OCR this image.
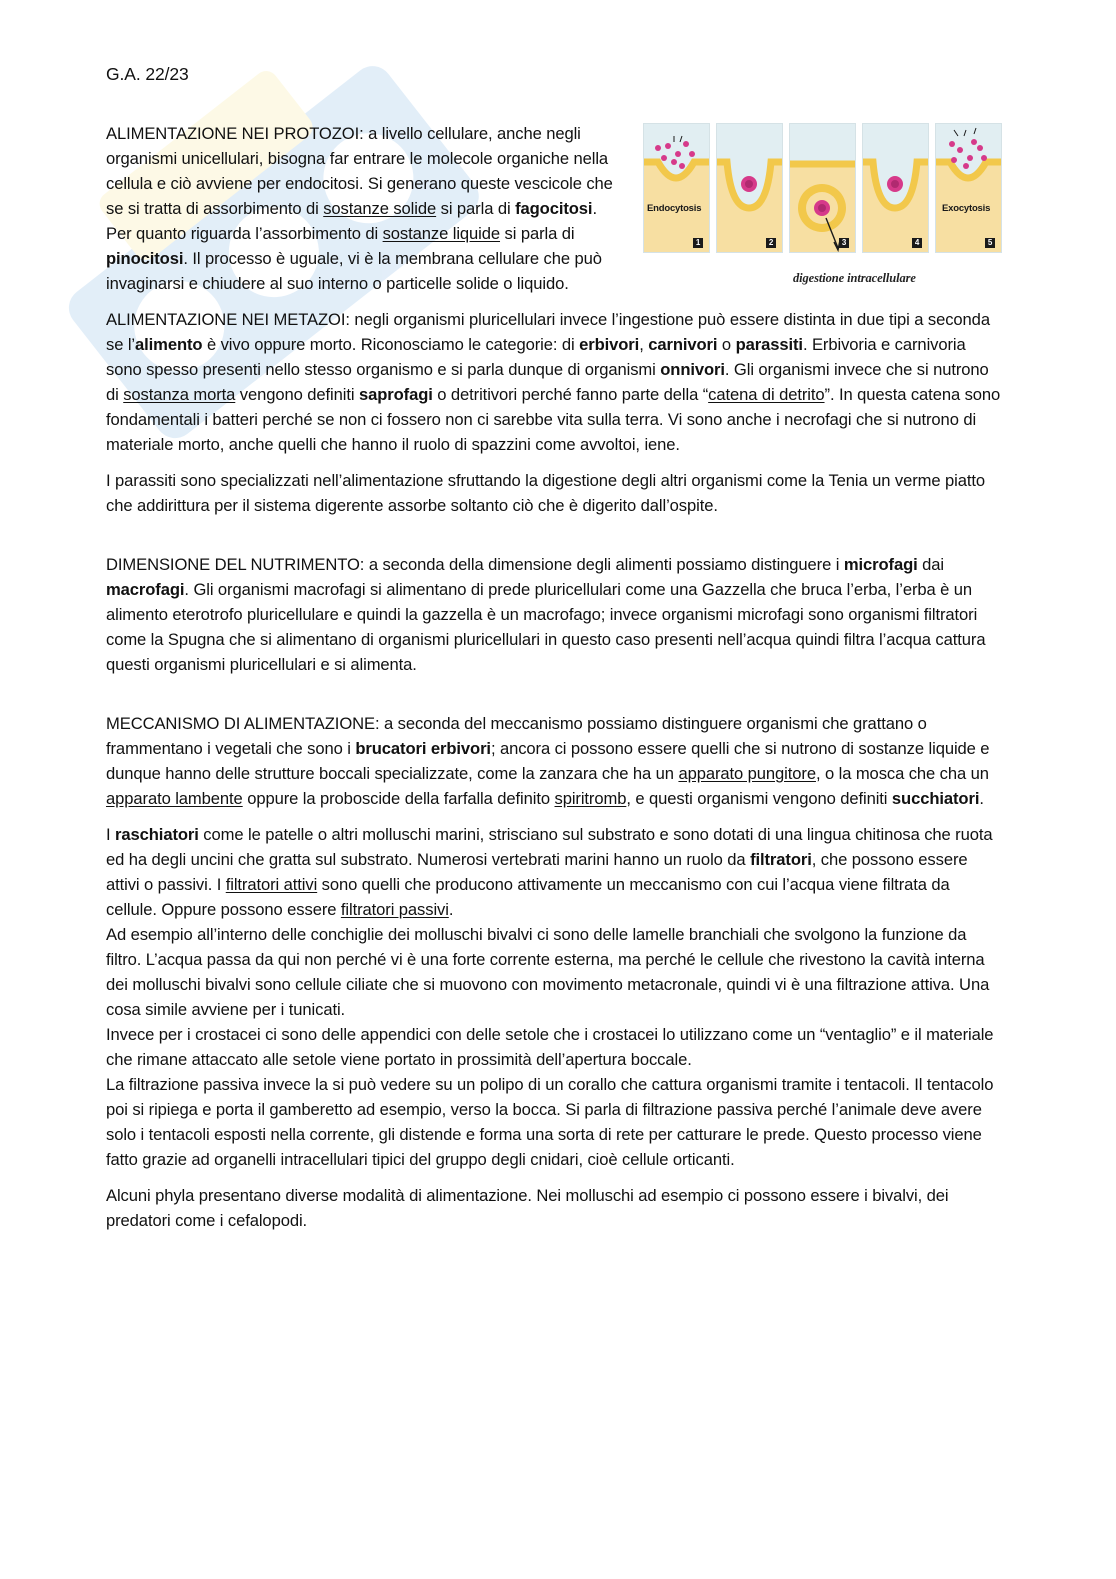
G.A. 22/23
Endocytosis
1	2	3	4
Exocytosis
5
digestione intracellulare

ALIMENTAZIONE NEI PROTOZOI: a livello cellulare, anche negli organismi unicellulari, bisogna far entrare le molecole organiche nella cellula e ciò avviene per endocitosi. Si generano queste vescicole che se si tratta di assorbimento di sostanze solide si parla di fagocitosi. Per quanto riguarda l’assorbimento di sostanze liquide si parla di pinocitosi. Il processo è uguale, vi è la membrana cellulare che può invaginarsi e chiudere al suo interno o particelle solide o liquido.

ALIMENTAZIONE NEI METAZOI: negli organismi pluricellulari invece l’ingestione può essere distinta in due tipi a seconda se l’alimento è vivo oppure morto. Riconosciamo le categorie: di erbivori, carnivori o parassiti. Erbivoria e carnivoria sono spesso presenti nello stesso organismo e si parla dunque di organismi onnivori. Gli organismi invece che si nutrono di sostanza morta vengono definiti saprofagi o detritivori perché fanno parte della “catena di detrito”. In questa catena sono fondamentali i batteri perché se non ci fossero non ci sarebbe vita sulla terra. Vi sono anche i necrofagi che si nutrono di materiale morto, anche quelli che hanno il ruolo di spazzini come avvoltoi, iene.

I parassiti sono specializzati nell’alimentazione sfruttando la digestione degli altri organismi come la Tenia un verme piatto che addirittura per il sistema digerente assorbe soltanto ciò che è digerito dall’ospite.

DIMENSIONE DEL NUTRIMENTO: a seconda della dimensione degli alimenti possiamo distinguere i microfagi dai macrofagi. Gli organismi macrofagi si alimentano di prede pluricellulari come una Gazzella che bruca l’erba, l’erba è un alimento eterotrofo pluricellulare e quindi la gazzella è un macrofago; invece organismi microfagi sono organismi filtratori come la Spugna che si alimentano di organismi pluricellulari in questo caso presenti nell’acqua quindi filtra l’acqua cattura questi organismi pluricellulari e si alimenta.

MECCANISMO DI ALIMENTAZIONE: a seconda del meccanismo possiamo distinguere organismi che grattano o frammentano i vegetali che sono i brucatori erbivori; ancora ci possono essere quelli che si nutrono di sostanze liquide e dunque hanno delle strutture boccali specializzate, come la zanzara che ha un apparato pungitore, o la mosca che cha un apparato lambente oppure la proboscide della farfalla definito spiritromb, e questi organismi vengono definiti succhiatori.

I raschiatori come le patelle o altri molluschi marini, strisciano sul substrato e sono dotati di una lingua chitinosa che ruota ed ha degli uncini che gratta sul substrato. Numerosi vertebrati marini hanno un ruolo da filtratori, che possono essere attivi o passivi. I filtratori attivi sono quelli che producono attivamente un meccanismo con cui l’acqua viene filtrata da cellule. Oppure possono essere filtratori passivi.

Ad esempio all’interno delle conchiglie dei molluschi bivalvi ci sono delle lamelle branchiali che svolgono la funzione da filtro. L’acqua passa da qui non perché vi è una forte corrente esterna, ma perché le cellule che rivestono la cavità interna dei molluschi bivalvi sono cellule ciliate che si muovono con movimento metacronale, quindi vi è una filtrazione attiva. Una cosa simile avviene per i tunicati.

Invece per i crostacei ci sono delle appendici con delle setole che i crostacei lo utilizzano come un “ventaglio” e il materiale che rimane attaccato alle setole viene portato in prossimità dell’apertura boccale.

La filtrazione passiva invece la si può vedere su un polipo di un corallo che cattura organismi tramite i tentacoli. Il tentacolo poi si ripiega e porta il gamberetto ad esempio, verso la bocca. Si parla di filtrazione passiva perché l’animale deve avere solo i tentacoli esposti nella corrente, gli distende e forma una sorta di rete per catturare le prede. Questo processo viene fatto grazie ad organelli intracellulari tipici del gruppo degli cnidari, cioè cellule orticanti.

Alcuni phyla presentano diverse modalità di alimentazione. Nei molluschi ad esempio ci possono essere i bivalvi, dei predatori come i cefalopodi.
